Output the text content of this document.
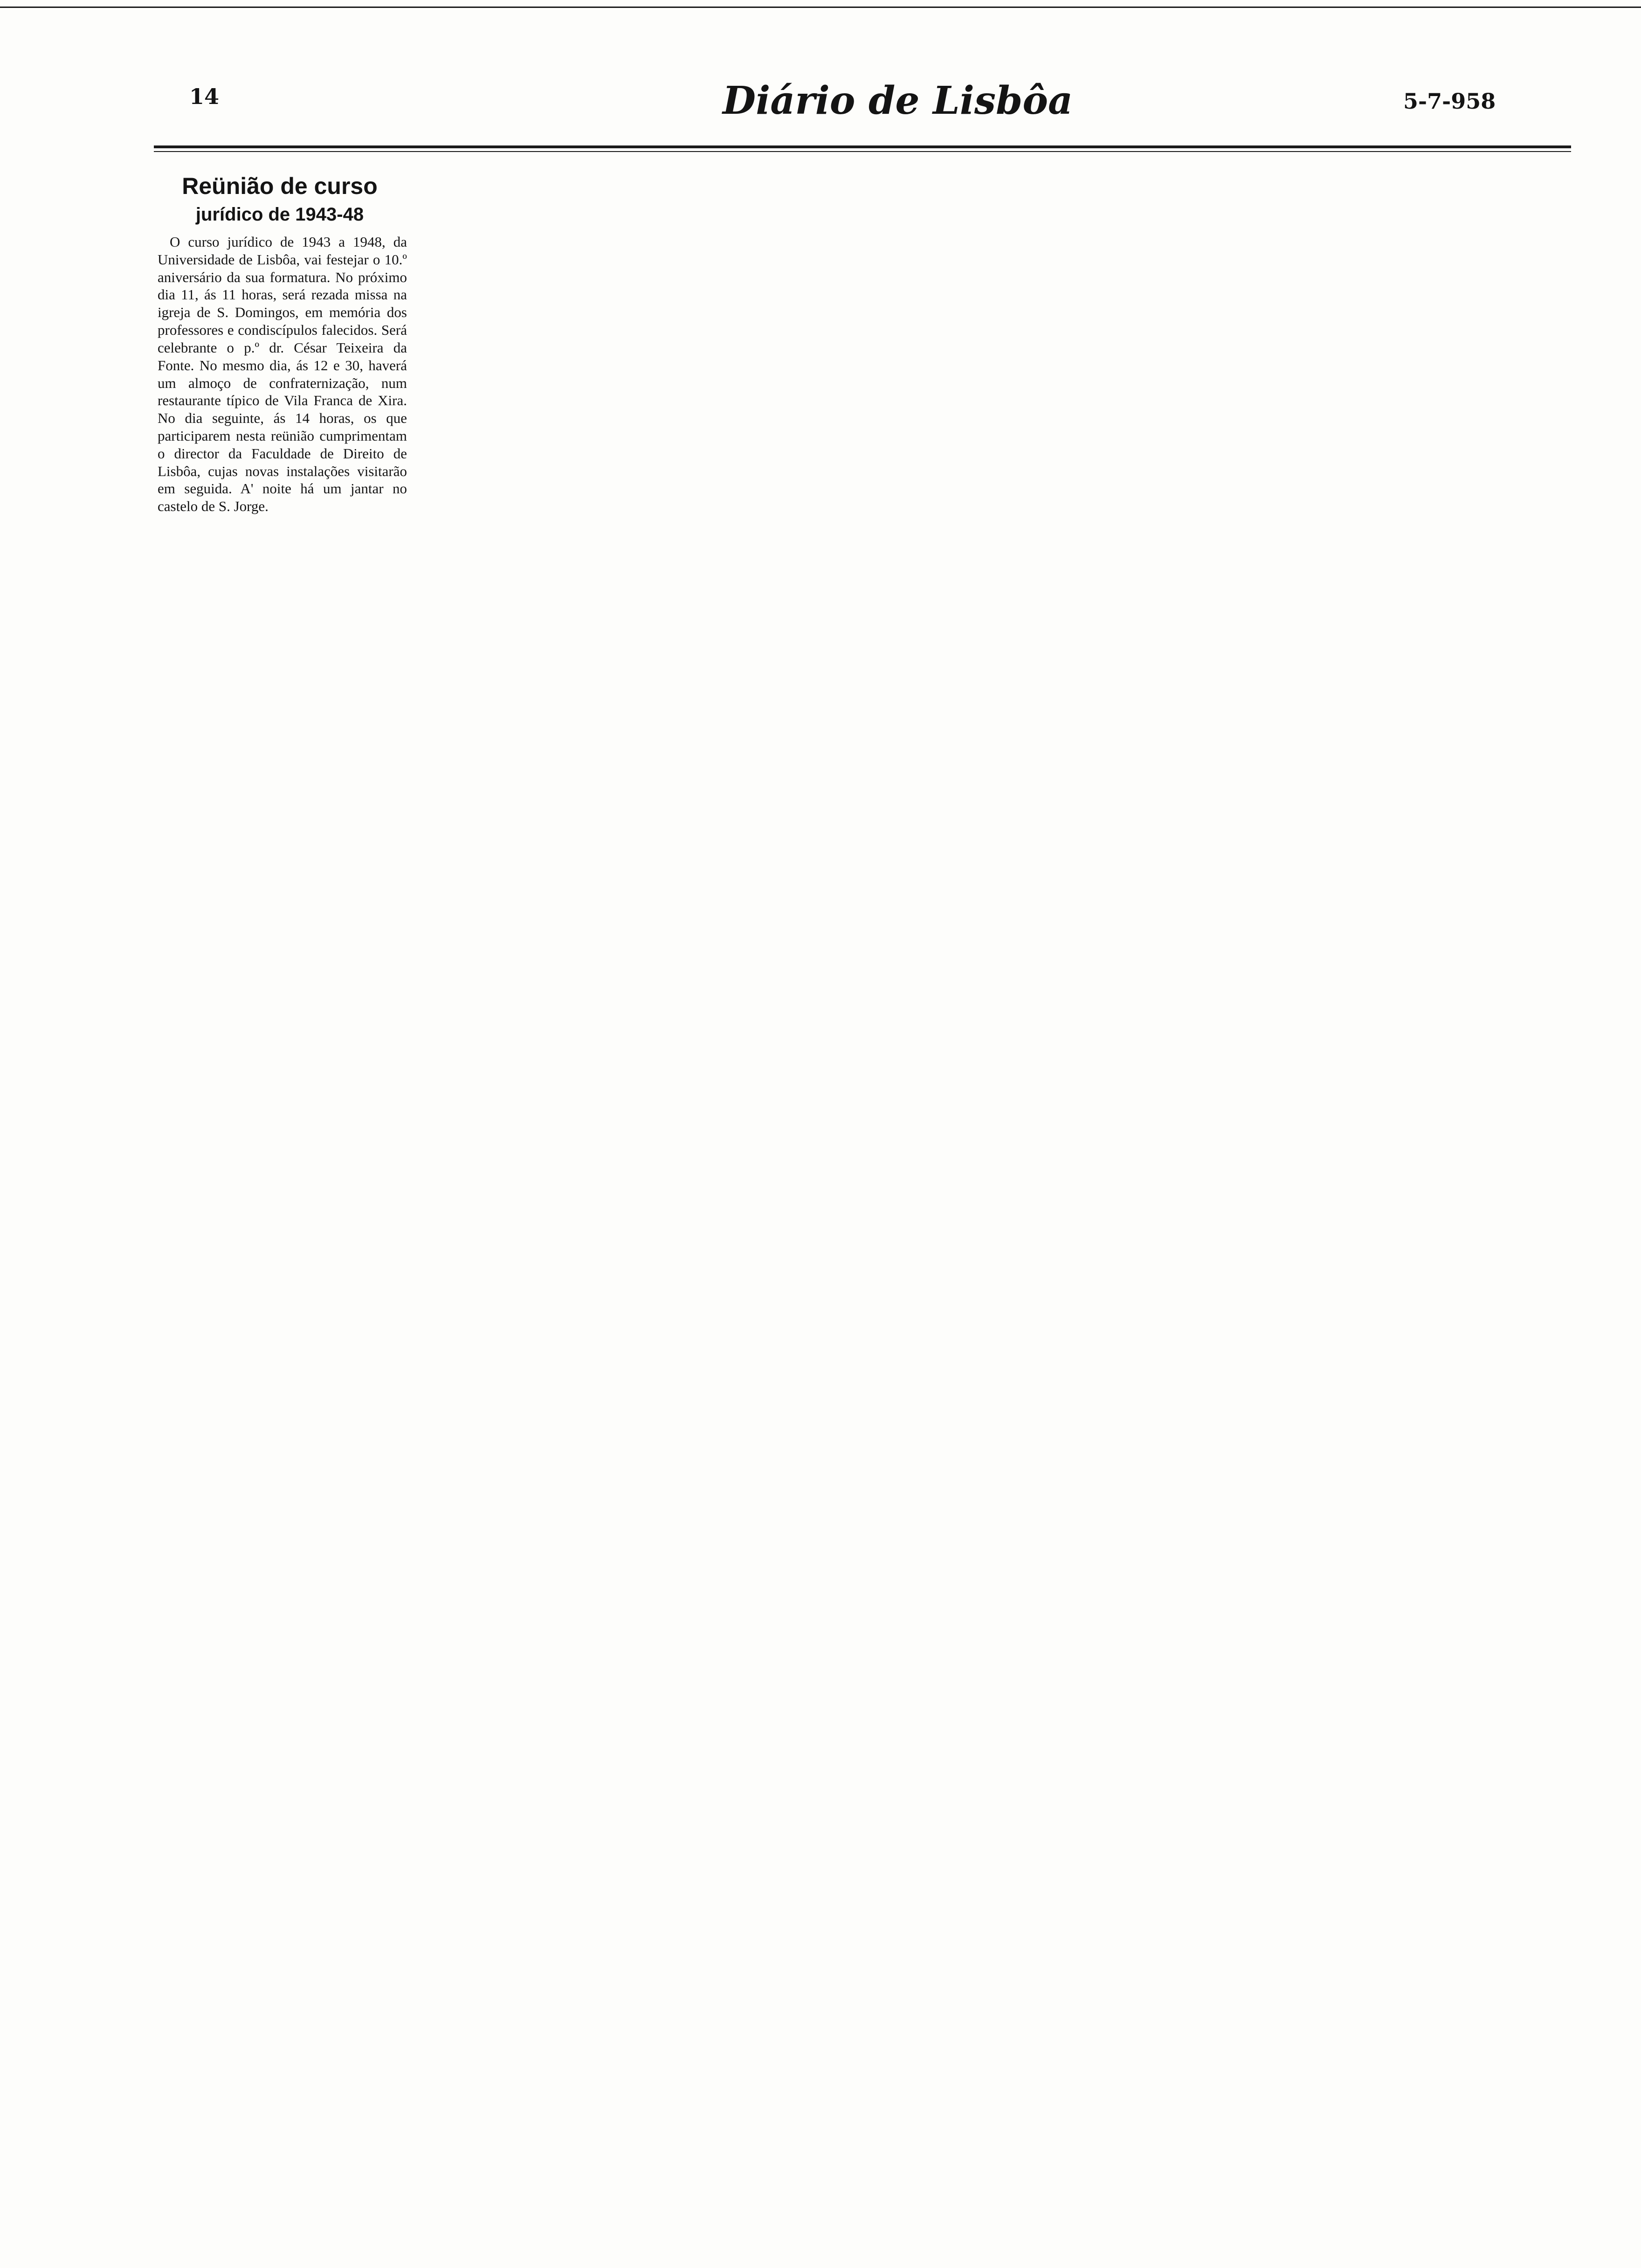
14	Diário de Lisbôa	5-7-958
Reünião de curso
jurídico de 1943-48

O curso jurídico de 1943 a 1948, da Universidade de Lisbôa, vai festejar o 10.º aniversário da sua formatura. No próximo dia 11, ás 11 horas, será rezada missa na igreja de S. Domingos, em memória dos professores e condiscípulos falecidos. Será celebrante o p.º dr. César Teixeira da Fonte. No mesmo dia, ás 12 e 30, haverá um almoço de confraternização, num restaurante típico de Vila Franca de Xira. No dia seguinte, ás 14 horas, os que participarem nesta reünião cumprimentam o director da Faculdade de Direito de Lisbôa, cujas novas instalações visitarão em seguida. A' noite há um jantar no castelo de S. Jorge.
